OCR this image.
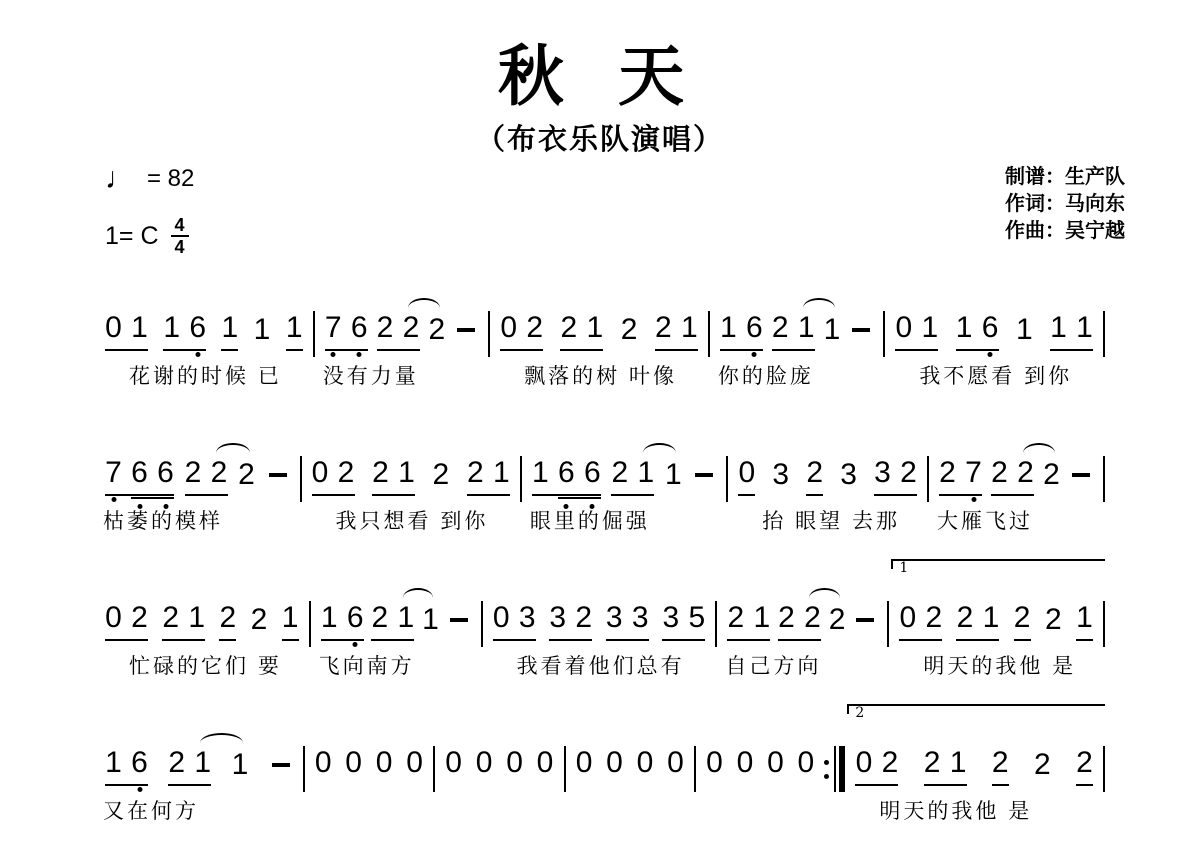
秋 天
（布衣乐队演唱）
♩ = 82
1= C $\frac{4}{4}$
制谱：生产队
作词：马向东
作曲：吴宁越
0 1 1 6 1 1 1
花谢的时候 已
7 6 2 2 2
没有力量
0 2 2 1 2 2 1
飘落的树 叶像
1 6 2 1 1
你的脸庞
0 1 1 6 1 1 1
我不愿看 到你
7 6 6 2 2 2
枯萎的模样
0 2 2 1 2 2 1
我只想看 到你
1 6 6 2 1 1
眼里的倔强
0 3 2 3 3 2
抬 眼望 去那
2 7 2 2 2
大雁飞过
0 2 2 1 2 2 1
忙碌的它们 要
1 6 2 1 1
飞向南方
0 3 3 2 3 3 3 5
我看着他们总有
2 1 2 2 2
自己方向
1
0 2 2 1 2 2 1
明天的我他 是
1 6 2 1 1
又在何方
0 0 0 0 0 0 0 0 0 0 0 0 0 0 0 0
2
0 2 2 1 2 2 2
明天的我他 是
